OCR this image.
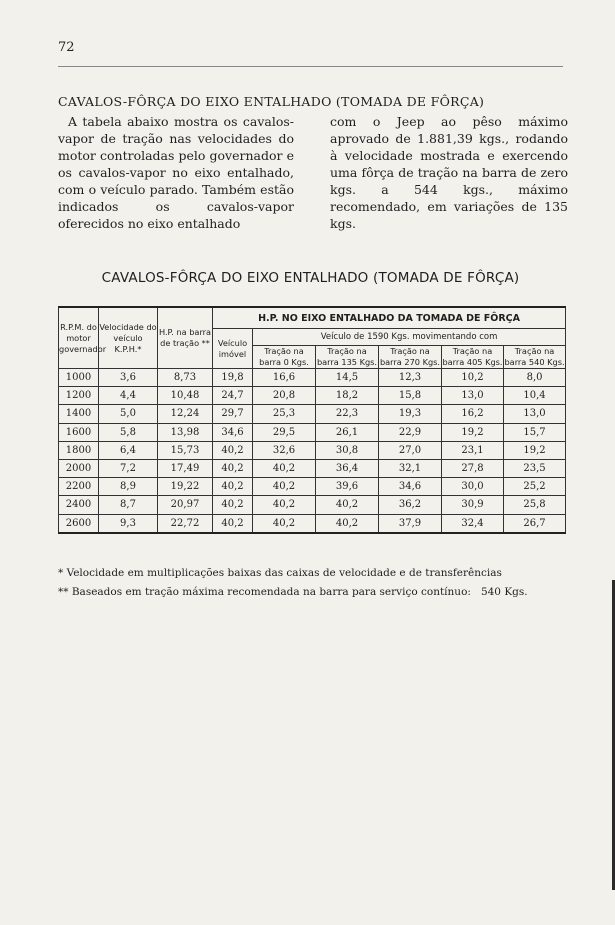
72
CAVALOS-FÔRÇA DO EIXO ENTALHADO (TOMADA DE FÔRÇA)

A tabela abaixo mostra os cavalos-vapor de tração nas velocidades do motor controladas pelo governador e os cavalos-vapor no eixo entalhado, com o veículo parado. Também estão indicados os cavalos-vapor oferecidos no eixo entalhado

com o Jeep ao pêso máximo aprovado de 1.881,39 kgs., rodando à velocidade mostrada e exercendo uma fôrça de tração na barra de zero kgs. a 544 kgs., máximo recomendado, em variações de 135 kgs.

CAVALOS-FÔRÇA DO EIXO ENTALHADO (TOMADA DE FÔRÇA)
R.P.M. do motor governador	Velocidade do veículo K.P.H.*	H.P. na barra de tração **	H.P. NO EIXO ENTALHADO DA TOMADA DE FÔRÇA					
			Veículo imóvel	Veículo de 1590 Kgs. movimentando com				
				Tração na barra 0 Kgs.	Tração na barra 135 Kgs.	Tração na barra 270 Kgs.	Tração na barra 405 Kgs.	Tração na barra 540 Kgs.
1000	3,6	8,73	19,8	16,6	14,5	12,3	10,2	8,0
1200	4,4	10,48	24,7	20,8	18,2	15,8	13,0	10,4
1400	5,0	12,24	29,7	25,3	22,3	19,3	16,2	13,0
1600	5,8	13,98	34,6	29,5	26,1	22,9	19,2	15,7
1800	6,4	15,73	40,2	32,6	30,8	27,0	23,1	19,2
2000	7,2	17,49	40,2	40,2	36,4	32,1	27,8	23,5
2200	8,9	19,22	40,2	40,2	39,6	34,6	30,0	25,2
2400	8,7	20,97	40,2	40,2	40,2	36,2	30,9	25,8
2600	9,3	22,72	40,2	40,2	40,2	37,9	32,4	26,7
* Velocidade em multiplicações baixas das caixas de velocidade e de transferências
** Baseados em tração máxima recomendada na barra para serviço contínuo: 540 Kgs.
